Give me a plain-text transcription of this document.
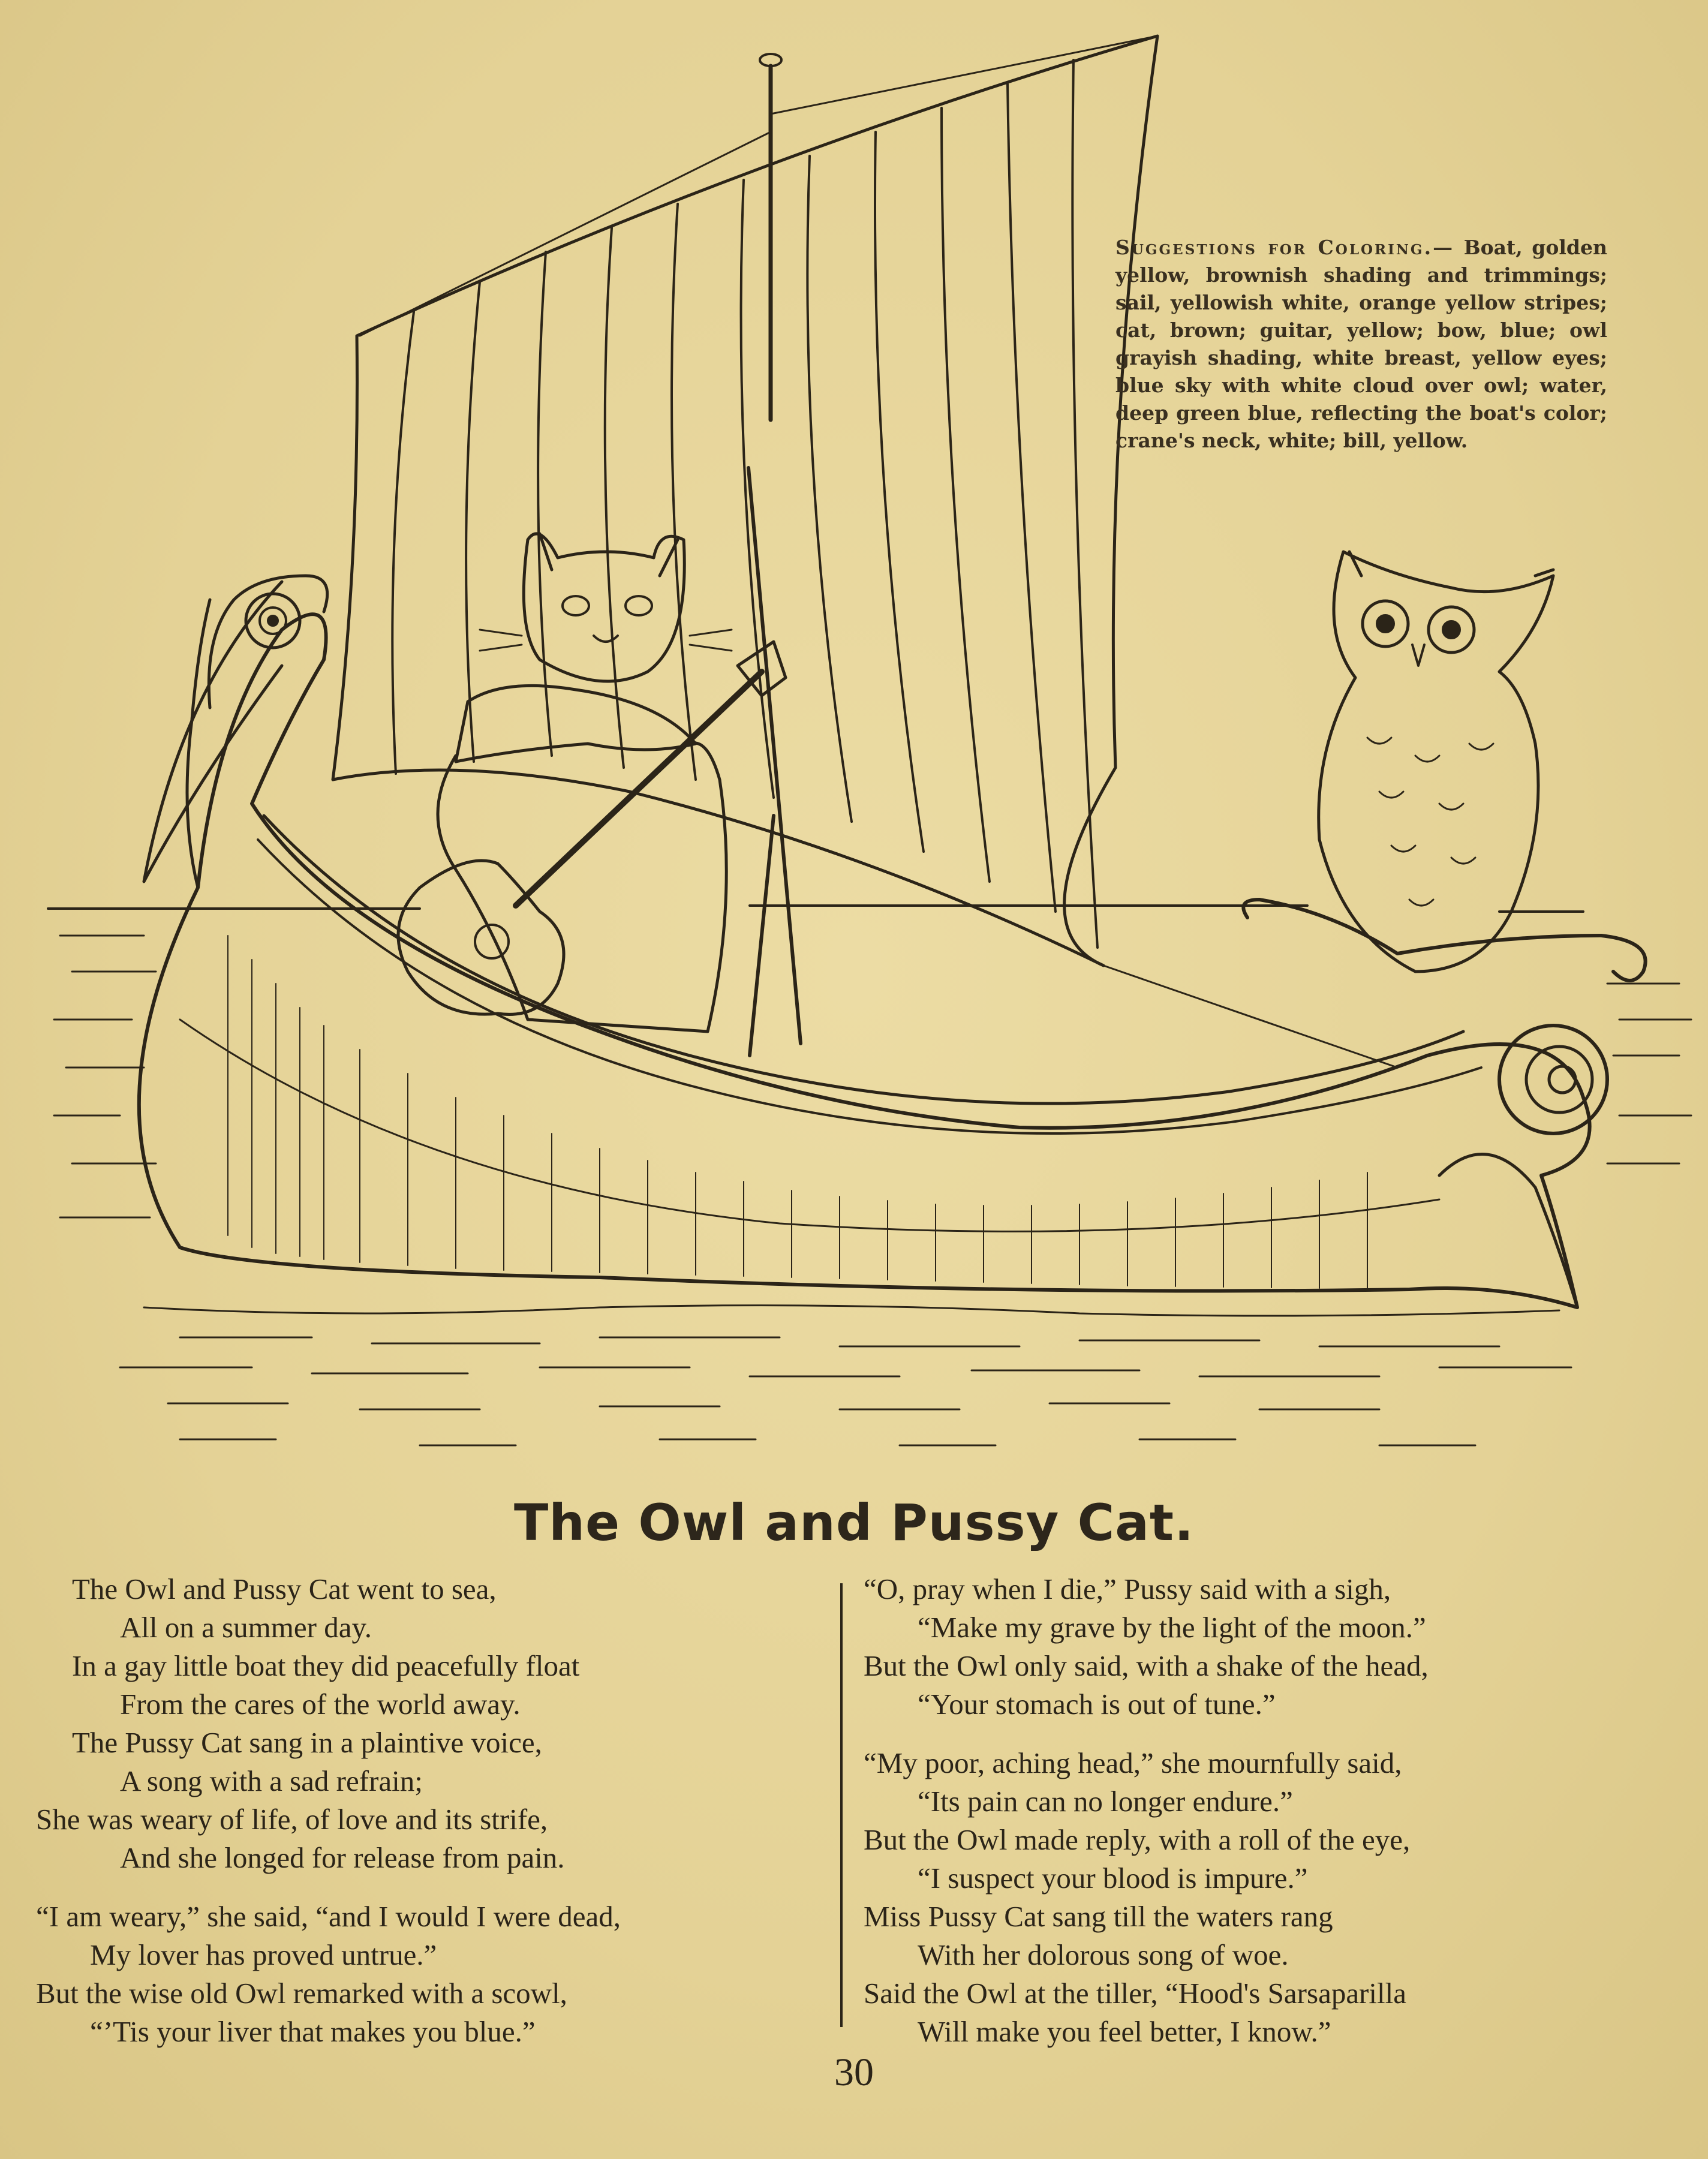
Suggestions for Coloring.— Boat, golden yellow, brownish shading and trimmings; sail, yellowish white, orange yellow stripes; cat, brown; guitar, yellow; bow, blue; owl grayish shading, white breast, yellow eyes; blue sky with white cloud over owl; water, deep green blue, reflecting the boat's color; crane's neck, white; bill, yellow.
The Owl and Pussy Cat.
The Owl and Pussy Cat went to sea,
All on a summer day.
In a gay little boat they did peacefully float
From the cares of the world away.
The Pussy Cat sang in a plaintive voice,
A song with a sad refrain;
She was weary of life, of love and its strife,
And she longed for release from pain.
“I am weary,” she said, “and I would I were dead,
My lover has proved untrue.”
But the wise old Owl remarked with a scowl,
“’Tis your liver that makes you blue.”
“O, pray when I die,” Pussy said with a sigh,
“Make my grave by the light of the moon.”
But the Owl only said, with a shake of the head,
“Your stomach is out of tune.”
“My poor, aching head,” she mournfully said,
“Its pain can no longer endure.”
But the Owl made reply, with a roll of the eye,
“I suspect your blood is impure.”
Miss Pussy Cat sang till the waters rang
With her dolorous song of woe.
Said the Owl at the tiller, “Hood's Sarsaparilla
Will make you feel better, I know.”
30
